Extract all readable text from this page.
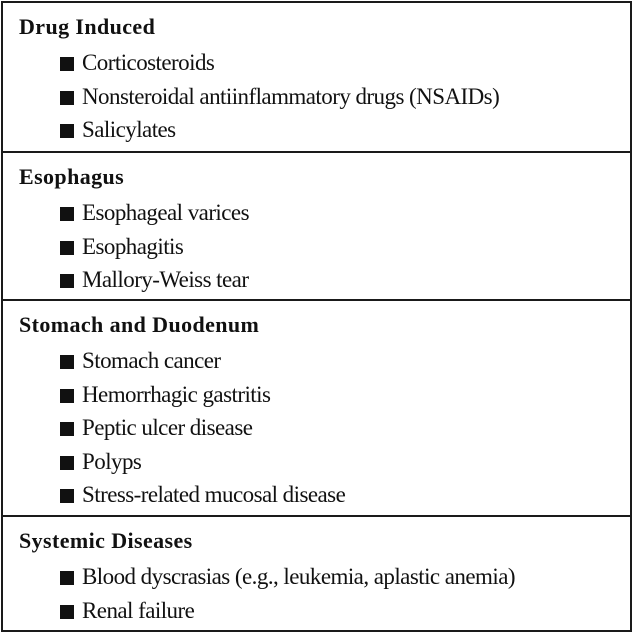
Drug Induced
Corticosteroids
Nonsteroidal antiinflammatory drugs (NSAIDs)
Salicylates
Esophagus
Esophageal varices
Esophagitis
Mallory-Weiss tear
Stomach and Duodenum
Stomach cancer
Hemorrhagic gastritis
Peptic ulcer disease
Polyps
Stress-related mucosal disease
Systemic Diseases
Blood dyscrasias (e.g., leukemia, aplastic anemia)
Renal failure
